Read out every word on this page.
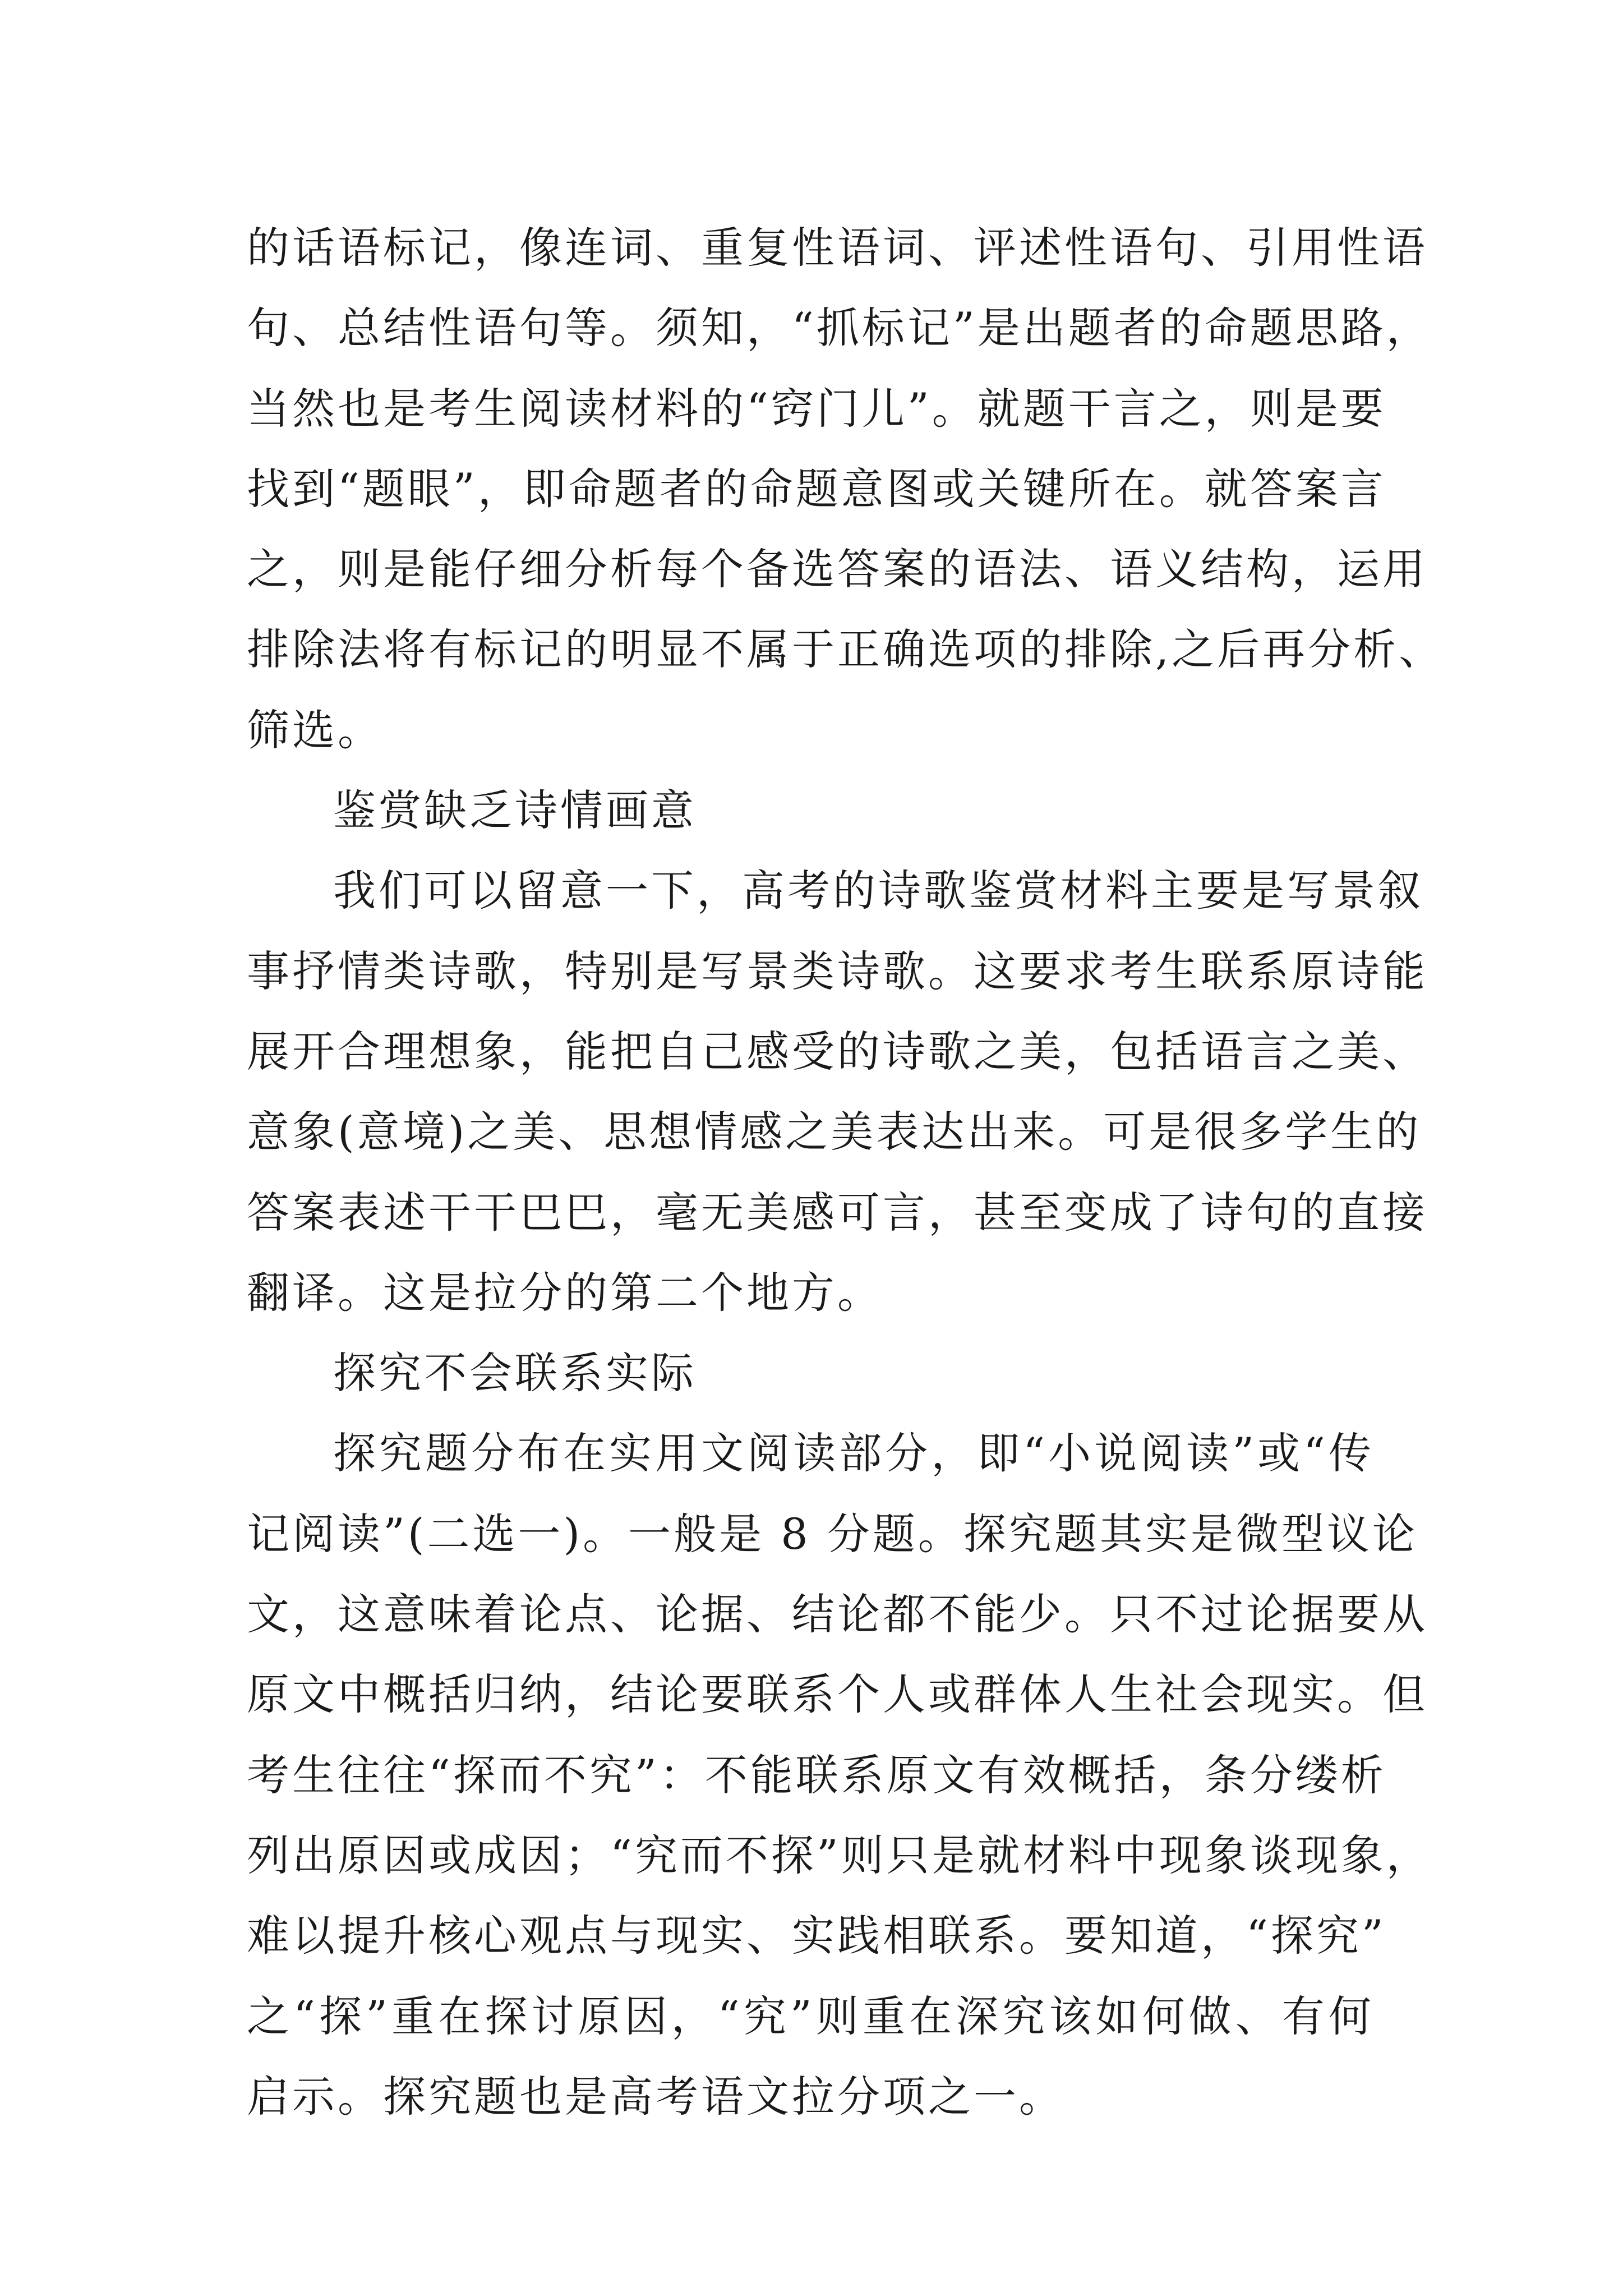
的话语标记，像连词、重复性语词、评述性语句、引用性语
句、总结性语句等。须知，“抓标记”是出题者的命题思路，
当然也是考生阅读材料的“窍门儿”。就题干言之，则是要
找到“题眼”，即命题者的命题意图或关键所在。就答案言
之，则是能仔细分析每个备选答案的语法、语义结构，运用
排除法将有标记的明显不属于正确选项的排除,之后再分析、
筛选。
鉴赏缺乏诗情画意
我们可以留意一下，高考的诗歌鉴赏材料主要是写景叙
事抒情类诗歌，特别是写景类诗歌。这要求考生联系原诗能
展开合理想象，能把自己感受的诗歌之美，包括语言之美、
意象(意境)之美、思想情感之美表达出来。可是很多学生的
答案表述干干巴巴，毫无美感可言，甚至变成了诗句的直接
翻译。这是拉分的第二个地方。
探究不会联系实际
探究题分布在实用文阅读部分，即“小说阅读”或“传
记阅读”(二选一)。一般是 8 分题。探究题其实是微型议论
文，这意味着论点、论据、结论都不能少。只不过论据要从
原文中概括归纳，结论要联系个人或群体人生社会现实。但
考生往往“探而不究”：不能联系原文有效概括，条分缕析
列出原因或成因；“究而不探”则只是就材料中现象谈现象，
难以提升核心观点与现实、实践相联系。要知道，“探究”
之“探”重在探讨原因，“究”则重在深究该如何做、有何
启示。探究题也是高考语文拉分项之一。
